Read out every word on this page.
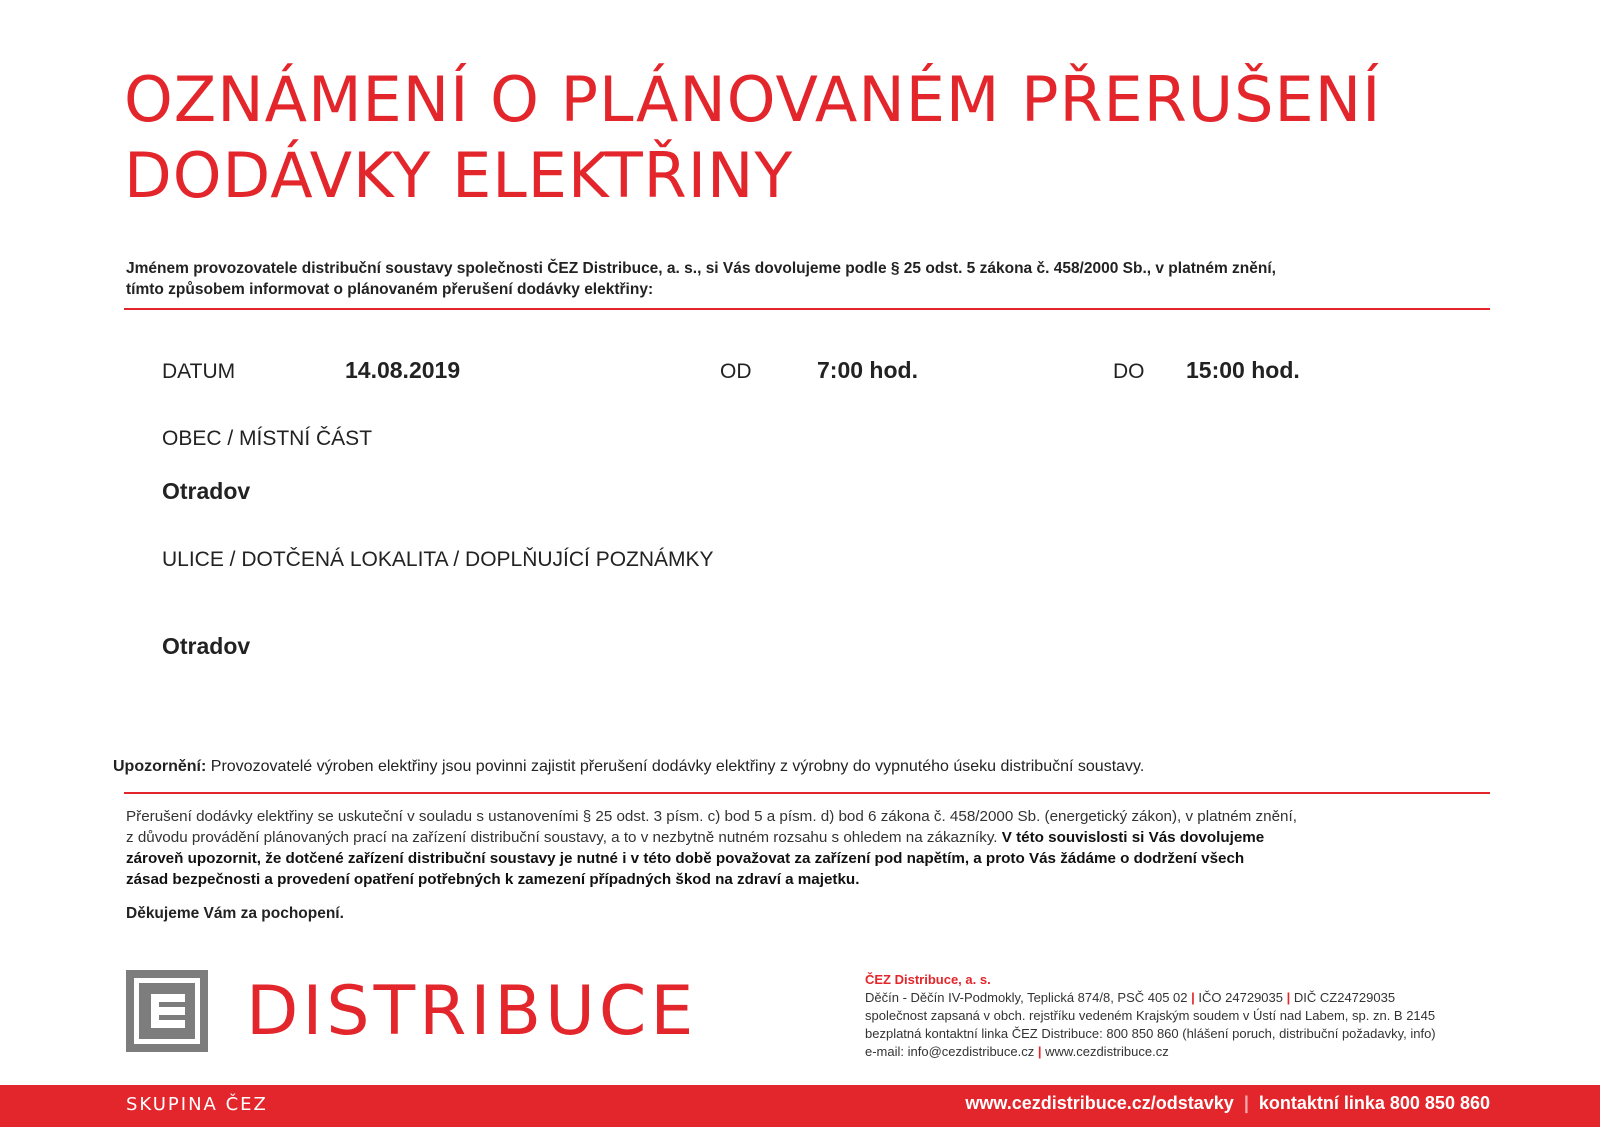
OZNÁMENÍ O PLÁNOVANÉM PŘERUŠENÍ
DODÁVKY ELEKTŘINY
Jménem provozovatele distribuční soustavy společnosti ČEZ Distribuce, a. s., si Vás dovolujeme podle § 25 odst. 5 zákona č. 458/2000 Sb., v platném znění,
tímto způsobem informovat o plánovaném přerušení dodávky elektřiny:
DATUM	14.08.2019	OD	7:00 hod.	DO 15:00 hod.
OBEC / MÍSTNÍ ČÁST
Otradov
ULICE / DOTČENÁ LOKALITA / DOPLŇUJÍCÍ POZNÁMKY
Otradov
Upozornění: Provozovatelé výroben elektřiny jsou povinni zajistit přerušení dodávky elektřiny z výrobny do vypnutého úseku distribuční soustavy.
Přerušení dodávky elektřiny se uskuteční v souladu s ustanoveními § 25 odst. 3 písm. c) bod 5 a písm. d) bod 6 zákona č. 458/2000 Sb. (energetický zákon), v platném znění,
z důvodu provádění plánovaných prací na zařízení distribuční soustavy, a to v nezbytně nutném rozsahu s ohledem na zákazníky. V této souvislosti si Vás dovolujeme
zároveň upozornit, že dotčené zařízení distribuční soustavy je nutné i v této době považovat za zařízení pod napětím, a proto Vás žádáme o dodržení všech
zásad bezpečnosti a provedení opatření potřebných k zamezení případných škod na zdraví a majetku.
Děkujeme Vám za pochopení.
DISTRIBUCE	ČEZ Distribuce, a. s.
Děčín - Děčín IV-Podmokly, Teplická 874/8, PSČ 405 02 | IČO 24729035 | DIČ CZ24729035
společnost zapsaná v obch. rejstříku vedeném Krajským soudem v Ústí nad Labem, sp. zn. B 2145
bezplatná kontaktní linka ČEZ Distribuce: 800 850 860 (hlášení poruch, distribuční požadavky, info)
e-mail: info@cezdistribuce.cz | www.cezdistribuce.cz
SKUPINA ČEZ	www.cezdistribuce.cz/odstavky | kontaktní linka 800 850 860
